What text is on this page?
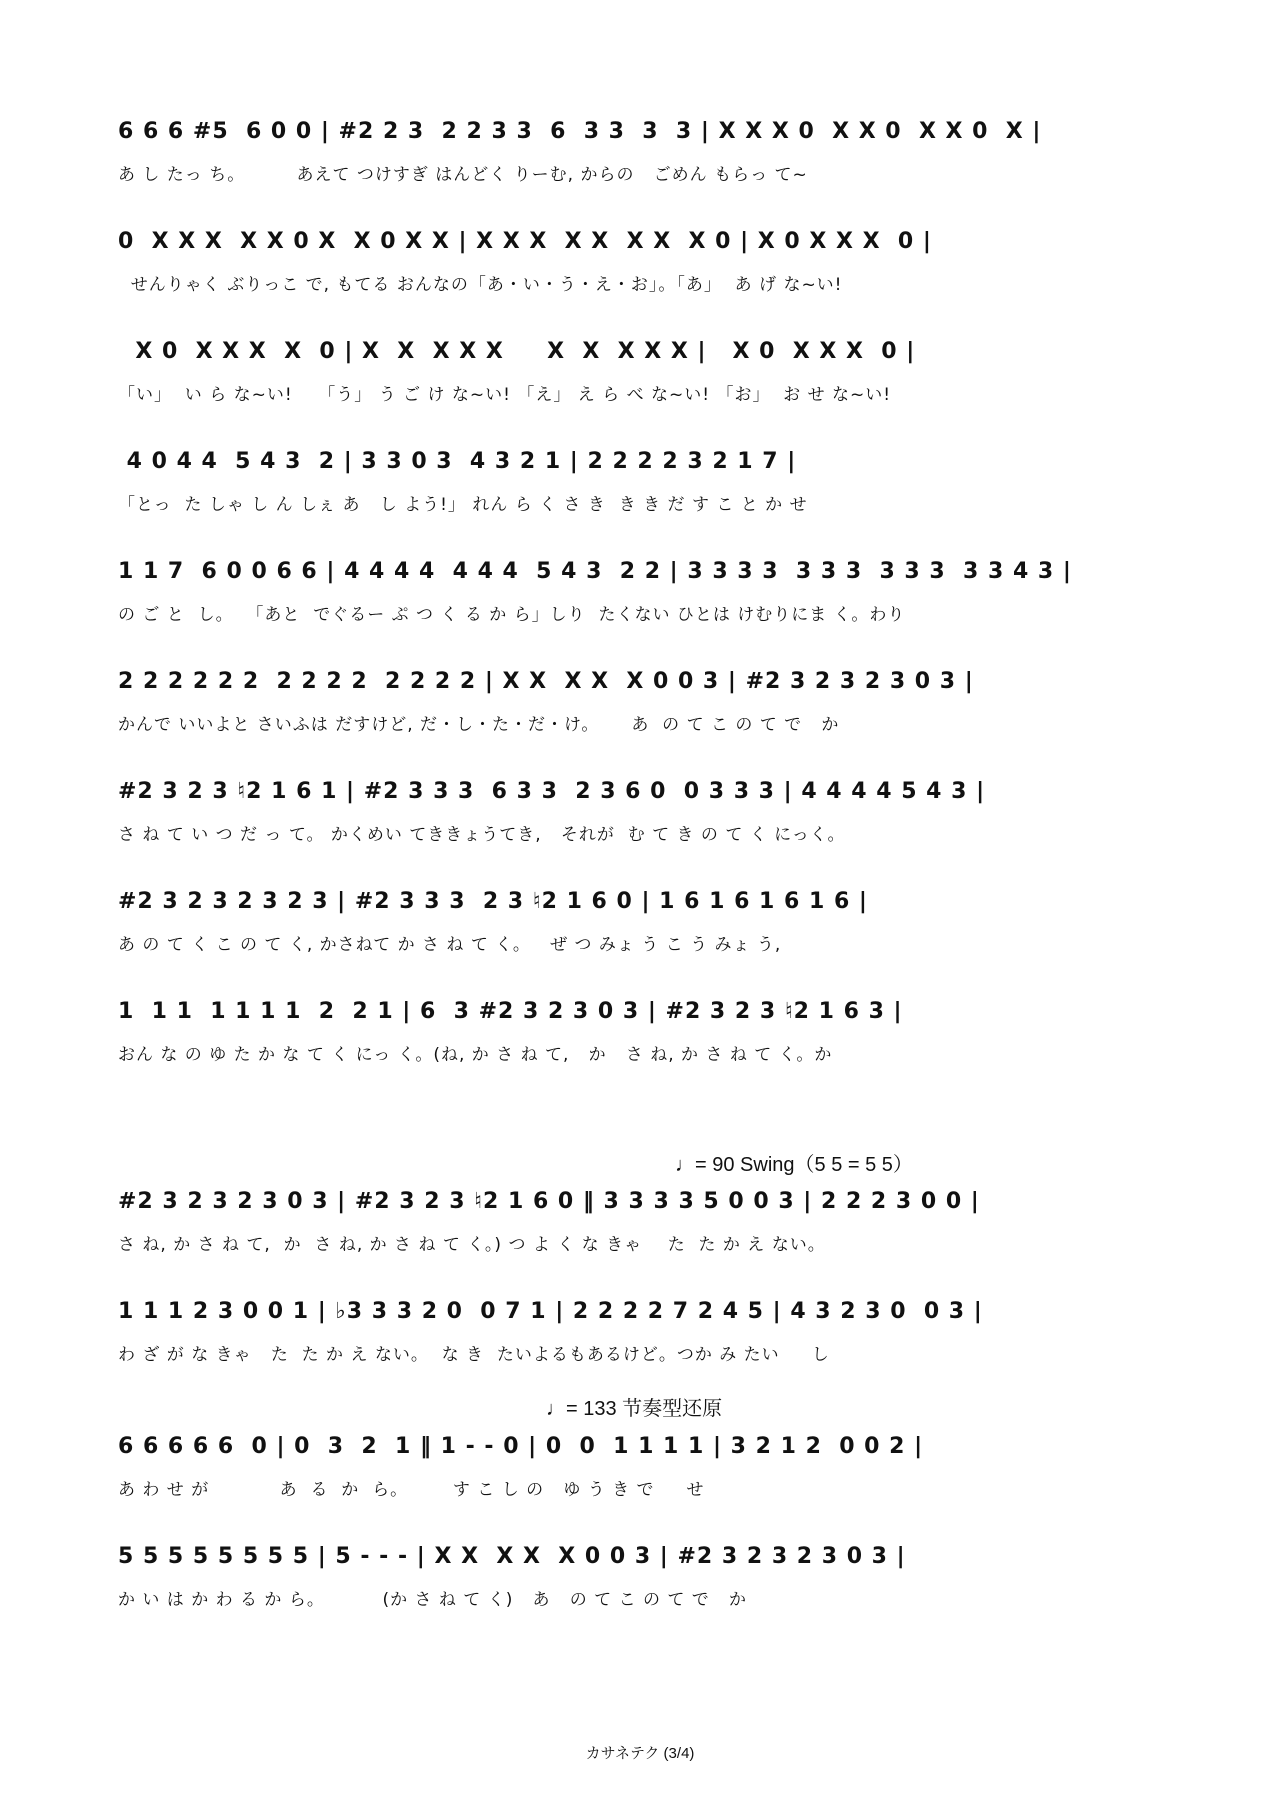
6 6 6 #5  6 0 0 | #2 2 3  2 2 3 3  6  3 3  3  3 | X X X 0  X X 0  X X 0  X |
あ し たっ ち。        あえて つけすぎ はんどく りーむ, からの   ごめん もらっ て~
0  X X X  X X 0 X  X 0 X X | X X X  X X  X X  X 0 | X 0 X X X  0 |
せんりゃく ぶりっこ で, もてる おんなの「あ・い・う・え・お」。「あ」  あ げ な~い!
X 0  X X X  X  0 | X  X  X X X     X  X  X X X |   X 0  X X X  0 |
「い」  い ら な~い!    「う」 う ご け な~い! 「え」 え ら べ な~い! 「お」  お せ な~い!
4 0 4 4  5 4 3  2 | 3 3 0 3  4 3 2 1 | 2 2 2 2 3 2 1 7 |
「とっ  た しゃ し ん しぇ あ   し よう!」 れん ら く さ き  き き だ す こ と か せ
1 1 7  6 0 0 6 6 | 4 4 4 4  4 4 4  5 4 3  2 2 | 3 3 3 3  3 3 3  3 3 3  3 3 4 3 |
の ご と  し。  「あと  でぐるー ぷ つ く る か ら」しり  たくない ひとは けむりにま く。わり
2 2 2 2 2 2  2 2 2 2  2 2 2 2 | X X  X X  X 0 0 3 | #2 3 2 3 2 3 0 3 |
かんで いいよと さいふは だすけど, だ・し・た・だ・け。     あ  の て こ の て で   か
#2 3 2 3 ♮2 1 6 1 | #2 3 3 3  6 3 3  2 3 6 0  0 3 3 3 | 4 4 4 4 5 4 3 |
さ ね て い つ だ っ て。 かくめい てききょうてき,   それが  む て き の て く にっく。
#2 3 2 3 2 3 2 3 | #2 3 3 3  2 3 ♮2 1 6 0 | 1 6 1 6 1 6 1 6 |
あ の て く こ の て く, かさねて か さ ね て く。   ぜ つ みょ う こ う みょ う,
1  1 1  1 1 1 1  2  2 1 | 6  3 #2 3 2 3 0 3 | #2 3 2 3 ♮2 1 6 3 |
おん な の ゆ た か な て く にっ く。(ね, か さ ね て,   か   さ ね, か さ ね て く。か
♩= 90 Swing（5 5 = 5 5）
#2 3 2 3 2 3 0 3 | #2 3 2 3 ♮2 1 6 0 ‖ 3 3 3 3 5 0 0 3 | 2 2 2 3 0 0 |
さ ね, か さ ね て,  か  さ ね, か さ ね て く。) つ よ く な きゃ    た  た か え ない。
1 1 1 2 3 0 0 1 | ♭3 3 3 2 0  0 7 1 | 2 2 2 2 7 2 4 5 | 4 3 2 3 0  0 3 |
わ ざ が な きゃ   た  た か え ない。  な き  たいよるもあるけど。つか み たい     し
♩= 133 节奏型还原
6 6 6 6 6  0 | 0  3  2  1 ‖ 1 - - 0 | 0  0  1 1 1 1 | 3 2 1 2  0 0 2 |
あ わ せ が           あ  る  か  ら。       す こ し の   ゆ う き で     せ
5 5 5 5 5 5 5 5 | 5 - - - | X X  X X  X 0 0 3 | #2 3 2 3 2 3 0 3 |
か い は か わ る か ら。         (か さ ね て く)   あ   の て こ の て で   か
カサネテク (3/4)
